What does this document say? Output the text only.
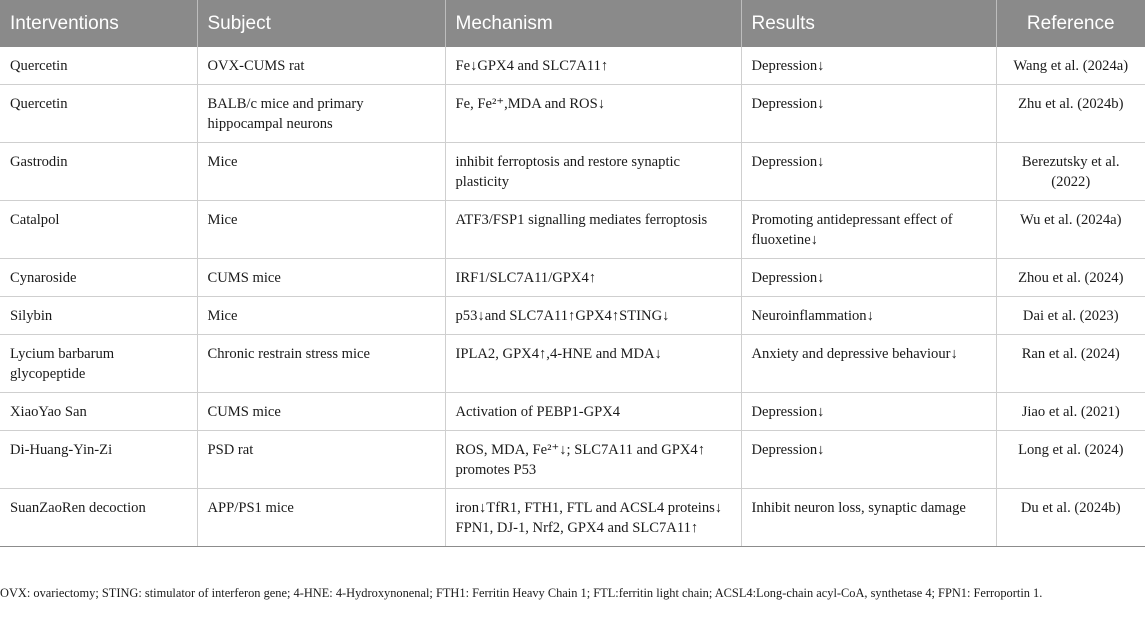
Interventions	Subject	Mechanism	Results	Reference
Quercetin	OVX-CUMS rat	Fe↓GPX4 and SLC7A11↑	Depression↓	Wang et al. (2024a)
Quercetin	BALB/c mice and primary hippocampal neurons	Fe, Fe²⁺,MDA and ROS↓	Depression↓	Zhu et al. (2024b)
Gastrodin	Mice	inhibit ferroptosis and restore synaptic plasticity	Depression↓	Berezutsky et al. (2022)
Catalpol	Mice	ATF3/FSP1 signalling mediates ferroptosis	Promoting antidepressant effect of fluoxetine↓	Wu et al. (2024a)
Cynaroside	CUMS mice	IRF1/SLC7A11/GPX4↑	Depression↓	Zhou et al. (2024)
Silybin	Mice	p53↓and SLC7A11↑GPX4↑STING↓	Neuroinflammation↓	Dai et al. (2023)
Lycium barbarum glycopeptide	Chronic restrain stress mice	IPLA2, GPX4↑,4-HNE and MDA↓	Anxiety and depressive behaviour↓	Ran et al. (2024)
XiaoYao San	CUMS mice	Activation of PEBP1-GPX4	Depression↓	Jiao et al. (2021)
Di-Huang-Yin-Zi	PSD rat	ROS, MDA, Fe²⁺↓; SLC7A11 and GPX4↑ promotes P53	Depression↓	Long et al. (2024)
SuanZaoRen decoction	APP/PS1 mice	iron↓TfR1, FTH1, FTL and ACSL4 proteins↓ FPN1, DJ-1, Nrf2, GPX4 and SLC7A11↑	Inhibit neuron loss, synaptic damage	Du et al. (2024b)
OVX: ovariectomy; STING: stimulator of interferon gene; 4-HNE: 4-Hydroxynonenal; FTH1: Ferritin Heavy Chain 1; FTL:ferritin light chain; ACSL4:Long-chain acyl-CoA, synthetase 4; FPN1: Ferroportin 1.
